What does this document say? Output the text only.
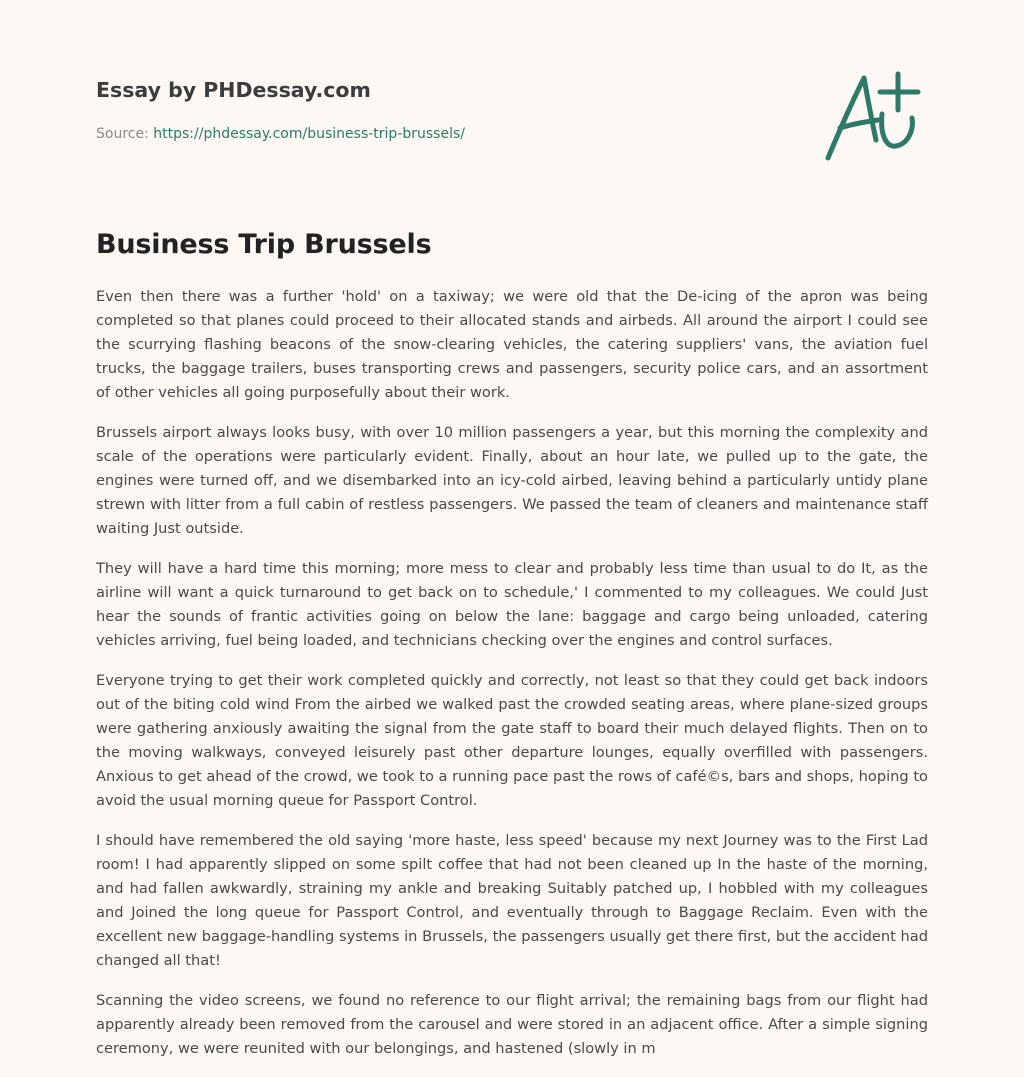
Essay by PHDessay.com
Source: https://phdessay.com/business-trip-brussels/
Business Trip Brussels

Even then there was a further 'hold' on a taxiway; we were old that the De-icing of the apron was being completed so that planes could proceed to their allocated stands and airbeds. All around the airport I could see the scurrying flashing beacons of the snow-clearing vehicles, the catering suppliers' vans, the aviation fuel trucks, the baggage trailers, buses transporting crews and passengers, security police cars, and an assortment of other vehicles all going purposefully about their work.

Brussels airport always looks busy, with over 10 million passengers a year, but this morning the complexity and scale of the operations were particularly evident. Finally, about an hour late, we pulled up to the gate, the engines were turned off, and we disembarked into an icy-cold airbed, leaving behind a particularly untidy plane strewn with litter from a full cabin of restless passengers. We passed the team of cleaners and maintenance staff waiting Just outside.

They will have a hard time this morning; more mess to clear and probably less time than usual to do It, as the airline will want a quick turnaround to get back on to schedule,' I commented to my colleagues. We could Just hear the sounds of frantic activities going on below the lane: baggage and cargo being unloaded, catering vehicles arriving, fuel being loaded, and technicians checking over the engines and control surfaces.

Everyone trying to get their work completed quickly and correctly, not least so that they could get back indoors out of the biting cold wind From the airbed we walked past the crowded seating areas, where plane-sized groups were gathering anxiously awaiting the signal from the gate staff to board their much delayed flights. Then on to the moving walkways, conveyed leisurely past other departure lounges, equally overfilled with passengers. Anxious to get ahead of the crowd, we took to a running pace past the rows of café©s, bars and shops, hoping to avoid the usual morning queue for Passport Control.

I should have remembered the old saying 'more haste, less speed' because my next Journey was to the First Lad room! I had apparently slipped on some spilt coffee that had not been cleaned up In the haste of the morning, and had fallen awkwardly, straining my ankle and breaking Suitably patched up, I hobbled with my colleagues and Joined the long queue for Passport Control, and eventually through to Baggage Reclaim. Even with the excellent new baggage-handling systems in Brussels, the passengers usually get there first, but the accident had changed all that!

Scanning the video screens, we found no reference to our flight arrival; the remaining bags from our flight had apparently already been removed from the carousel and were stored in an adjacent office. After a simple signing ceremony, we were reunited with our belongings, and hastened (slowly in m
